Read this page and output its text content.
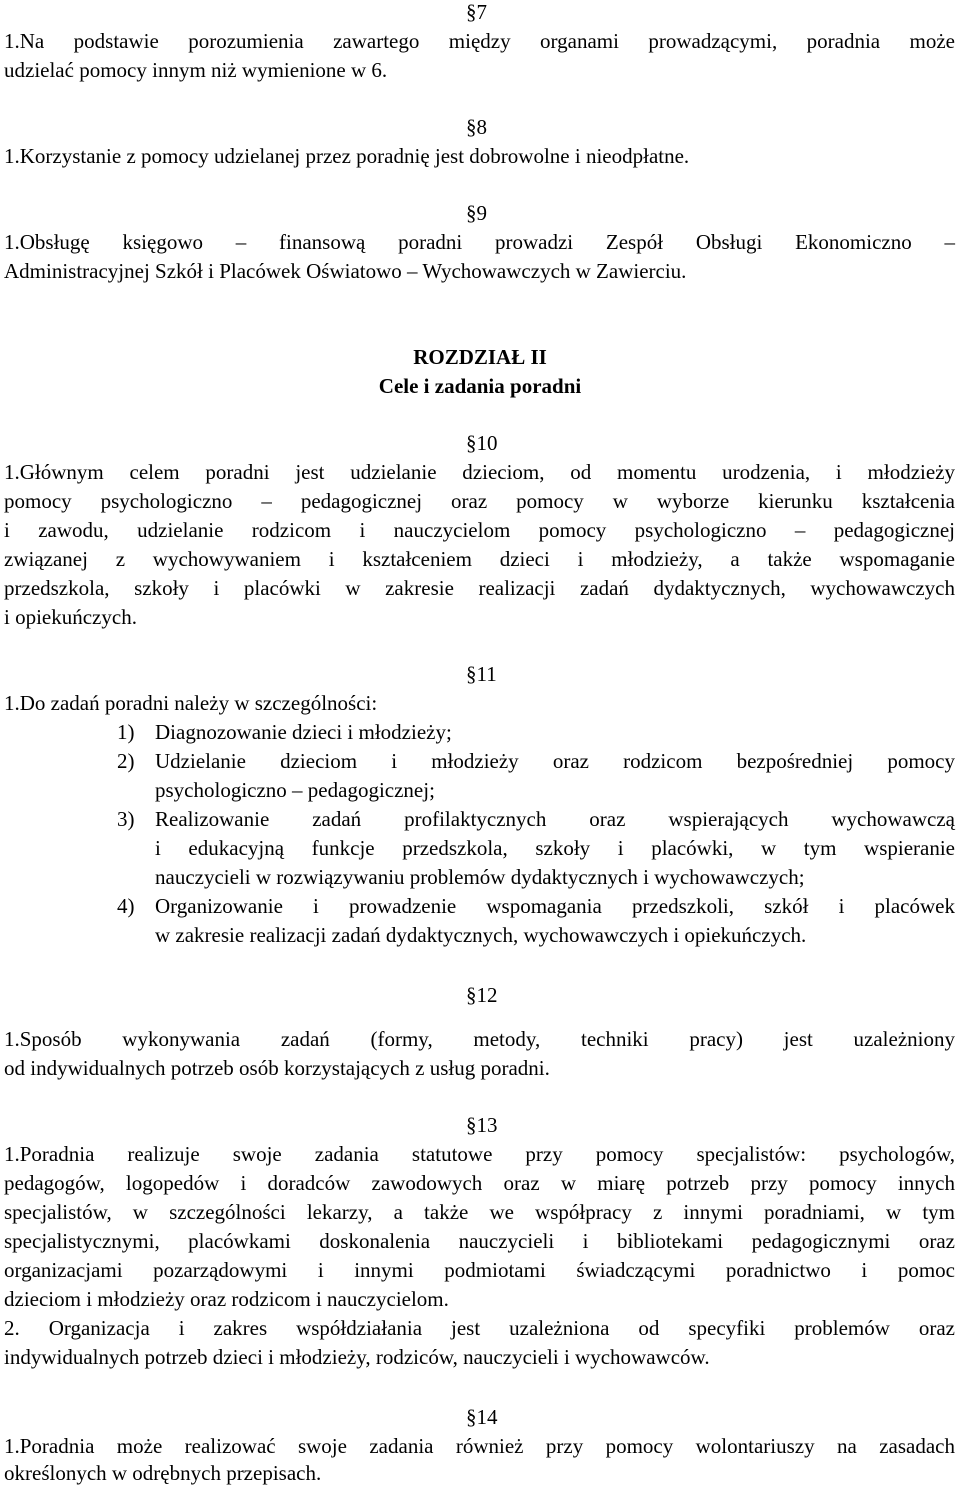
§7
1.Na podstawie porozumienia zawartego między organami prowadzącymi, poradnia może
udzielać pomocy innym niż wymienione w 6.
§8
1.Korzystanie z pomocy udzielanej przez poradnię jest dobrowolne i nieodpłatne.
§9
1.Obsługę księgowo – finansową poradni prowadzi Zespół Obsługi Ekonomiczno –
Administracyjnej Szkół i Placówek Oświatowo – Wychowawczych w Zawierciu.
ROZDZIAŁ II
Cele i zadania poradni
§10
1.Głównym celem poradni jest udzielanie dzieciom, od momentu urodzenia, i młodzieży
pomocy psychologiczno – pedagogicznej oraz pomocy w wyborze kierunku kształcenia
i zawodu, udzielanie rodzicom i nauczycielom pomocy psychologiczno – pedagogicznej
związanej z wychowywaniem i kształceniem dzieci i młodzieży, a także wspomaganie
przedszkola, szkoły i placówki w zakresie realizacji zadań dydaktycznych, wychowawczych
i opiekuńczych.
§11
1.Do zadań poradni należy w szczególności:
1) Diagnozowanie dzieci i młodzieży;
2) Udzielanie dzieciom i młodzieży oraz rodzicom bezpośredniej pomocy
psychologiczno – pedagogicznej;
3) Realizowanie zadań profilaktycznych oraz wspierających wychowawczą
i edukacyjną funkcje przedszkola, szkoły i placówki, w tym wspieranie
nauczycieli w rozwiązywaniu problemów dydaktycznych i wychowawczych;
4) Organizowanie i prowadzenie wspomagania przedszkoli, szkół i placówek
w zakresie realizacji zadań dydaktycznych, wychowawczych i opiekuńczych.
§12
1.Sposób wykonywania zadań (formy, metody, techniki pracy) jest uzależniony
od indywidualnych potrzeb osób korzystających z usług poradni.
§13
1.Poradnia realizuje swoje zadania statutowe przy pomocy specjalistów: psychologów,
pedagogów, logopedów i doradców zawodowych oraz w miarę potrzeb przy pomocy innych
specjalistów, w szczególności lekarzy, a także we współpracy z innymi poradniami, w tym
specjalistycznymi, placówkami doskonalenia nauczycieli i bibliotekami pedagogicznymi oraz
organizacjami pozarządowymi i innymi podmiotami świadczącymi poradnictwo i pomoc
dzieciom i młodzieży oraz rodzicom i nauczycielom.
2. Organizacja i zakres współdziałania jest uzależniona od specyfiki problemów oraz
indywidualnych potrzeb dzieci i młodzieży, rodziców, nauczycieli i wychowawców.
§14
1.Poradnia może realizować swoje zadania również przy pomocy wolontariuszy na zasadach
określonych w odrębnych przepisach.
